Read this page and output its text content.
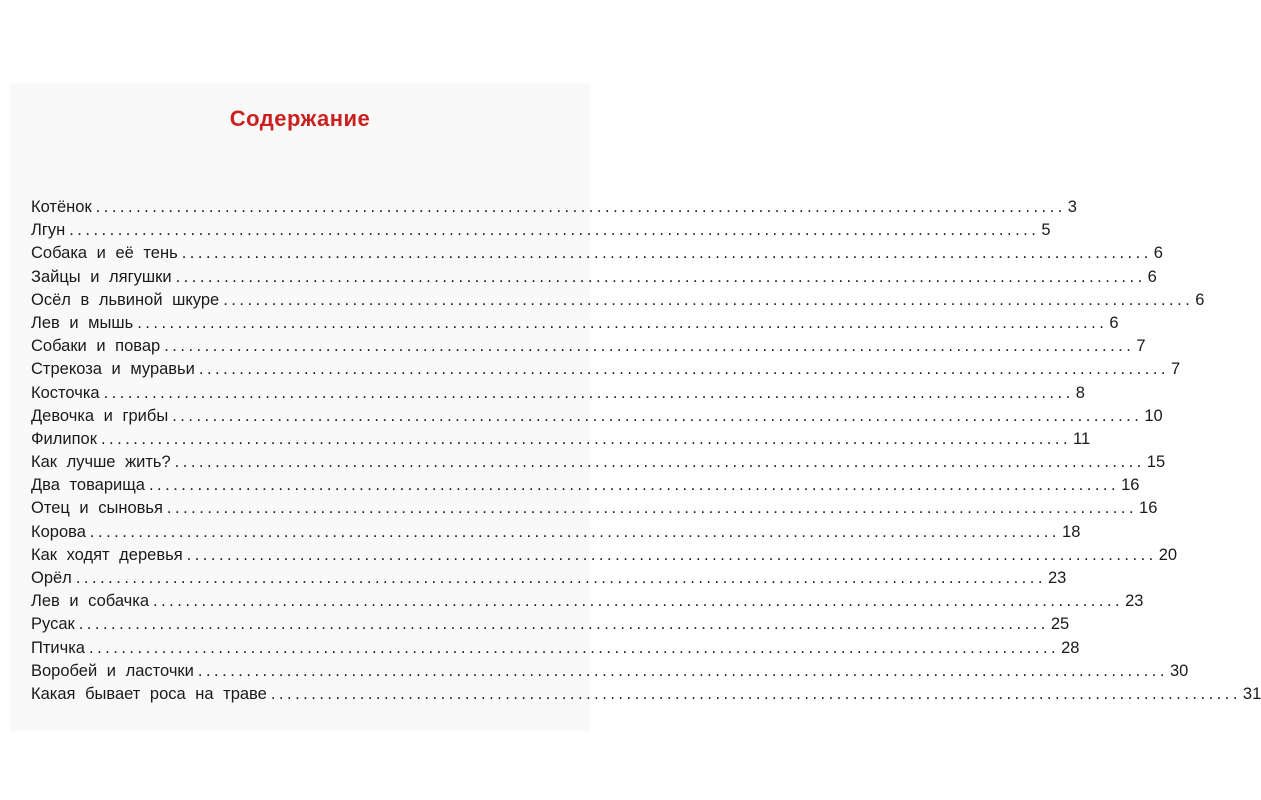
Содержание
Котёнок ........................................................................................................................ 3
Лгун ........................................................................................................................ 5
Собака и её тень ........................................................................................................................ 6
Зайцы и лягушки ........................................................................................................................ 6
Осёл в львиной шкуре ........................................................................................................................ 6
Лев и мышь ........................................................................................................................ 6
Собаки и повар ........................................................................................................................ 7
Стрекоза и муравьи ........................................................................................................................ 7
Косточка ........................................................................................................................ 8
Девочка и грибы ........................................................................................................................ 10
Филипок ........................................................................................................................ 11
Как лучше жить? ........................................................................................................................ 15
Два товарища ........................................................................................................................ 16
Отец и сыновья ........................................................................................................................ 16
Корова ........................................................................................................................ 18
Как ходят деревья ........................................................................................................................ 20
Орёл ........................................................................................................................ 23
Лев и собачка ........................................................................................................................ 23
Русак ........................................................................................................................ 25
Птичка ........................................................................................................................ 28
Воробей и ласточки ........................................................................................................................ 30
Какая бывает роса на траве ........................................................................................................................ 31
